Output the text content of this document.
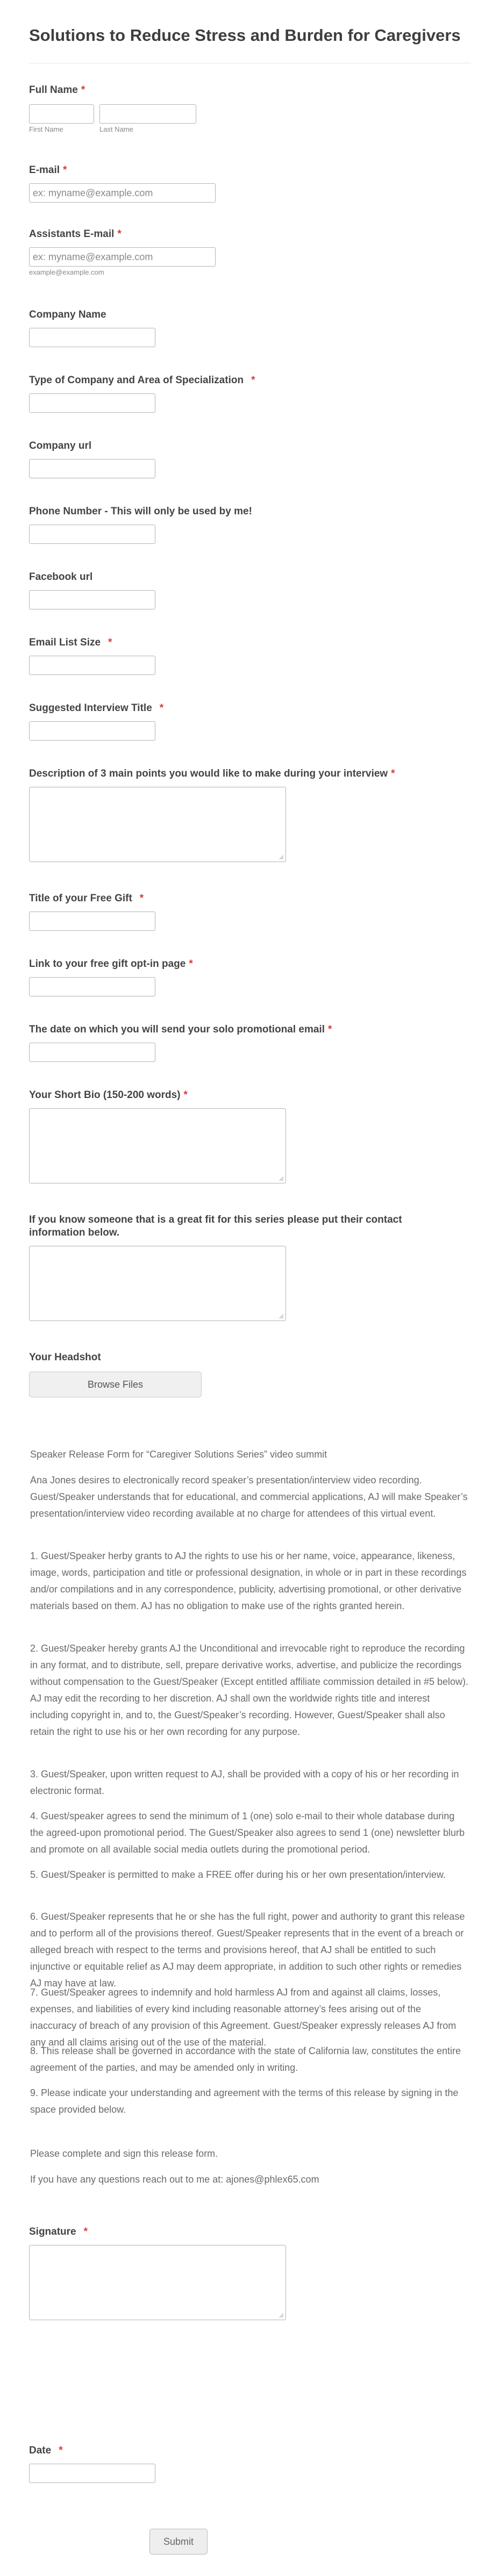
Solutions to Reduce Stress and Burden for Caregivers
Full Name *
First Name	Last Name
E-mail *
ex: myname@example.com
Assistants E-mail *
ex: myname@example.com
example@example.com
Company Name
Type of Company and Area of Specialization *
Company url
Phone Number - This will only be used by me!
Facebook url
Email List Size *
Suggested Interview Title *
Description of 3 main points you would like to make during your interview *
Title of your Free Gift *
Link to your free gift opt-in page *
The date on which you will send your solo promotional email *
Your Short Bio (150-200 words) *
If you know someone that is a great fit for this series please put their contact information below.
Your Headshot
Browse Files
Speaker Release Form for “Caregiver Solutions Series” video summit
Ana Jones desires to electronically record speaker’s presentation/interview video recording. Guest/Speaker understands that for educational, and commercial applications, AJ will make Speaker’s presentation/interview video recording available at no charge for attendees of this virtual event.
1. Guest/Speaker herby grants to AJ the rights to use his or her name, voice, appearance, likeness, image, words, participation and title or professional designation, in whole or in part in these recordings and/or compilations and in any correspondence, publicity, advertising promotional, or other derivative materials based on them. AJ has no obligation to make use of the rights granted herein.
2. Guest/Speaker hereby grants AJ the Unconditional and irrevocable right to reproduce the recording in any format, and to distribute, sell, prepare derivative works, advertise, and publicize the recordings without compensation to the Guest/Speaker (Except entitled affiliate commission detailed in #5 below). AJ may edit the recording to her discretion. AJ shall own the worldwide rights title and interest including copyright in, and to, the Guest/Speaker’s recording. However, Guest/Speaker shall also retain the right to use his or her own recording for any purpose.
3. Guest/Speaker, upon written request to AJ, shall be provided with a copy of his or her recording in electronic format.
4. Guest/speaker agrees to send the minimum of 1 (one) solo e-mail to their whole database during the agreed-upon promotional period. The Guest/Speaker also agrees to send 1 (one) newsletter blurb and promote on all available social media outlets during the promotional period.
5. Guest/Speaker is permitted to make a FREE offer during his or her own presentation/interview.
6. Guest/Speaker represents that he or she has the full right, power and authority to grant this release and to perform all of the provisions thereof. Guest/Speaker represents that in the event of a breach or alleged breach with respect to the terms and provisions hereof, that AJ shall be entitled to such injunctive or equitable relief as AJ may deem appropriate, in addition to such other rights or remedies AJ may have at law.
7. Guest/Speaker agrees to indemnify and hold harmless AJ from and against all claims, losses, expenses, and liabilities of every kind including reasonable attorney’s fees arising out of the inaccuracy of breach of any provision of this Agreement. Guest/Speaker expressly releases AJ from any and all claims arising out of the use of the material.
8. This release shall be governed in accordance with the state of California law, constitutes the entire agreement of the parties, and may be amended only in writing.
9. Please indicate your understanding and agreement with the terms of this release by signing in the space provided below.
Please complete and sign this release form.
If you have any questions reach out to me at: ajones@phlex65.com
Signature *
Date *
Submit
